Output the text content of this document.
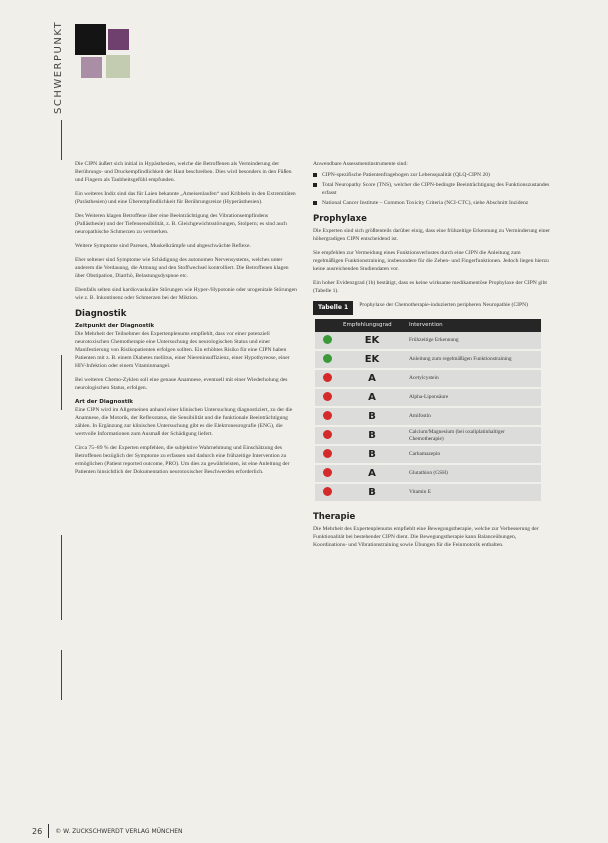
SCHWERPUNKT

Die CIPN äußert sich initial in Hypästhesien, welche die Betroffenen als Verminderung der Berührungs- und Druckempfindlichkeit der Haut beschreiben. Dies wird besonders in den Füßen und Fingern als Taubheitsgefühl empfunden.

Ein weiteres Indiz sind das für Laien bekannte „Ameisenlaufen“ und Kribbeln in den Extremitäten (Parästhesien) und eine Überempfindlichkeit für Berührungsreize (Hyperästhesien).

Des Weiteren klagen Betroffene über eine Beeinträchtigung des Vibrationsempfindens (Pallästhesie) und der Tiefensensibilität, z. B. Gleichgewichtsstörungen, Stolpern; es sind auch neuropathische Schmerzen zu vermerken.

Weitere Symptome sind Paresen, Muskelkrämpfe und abgeschwächte Reflexe.

Eher seltener sind Symptome wie Schädigung des autonomen Nervensystems, welches unter anderem die Verdauung, die Atmung und den Stoffwechsel kontrolliert. Die Betroffenen klagen über Obstipation, Diarrhö, Belastungsdyspnoe etc.

Ebenfalls selten sind kardiovaskuläre Störungen wie Hyper-/Hypotonie oder urogenitale Störungen wie z. B. Inkontinenz oder Schmerzen bei der Miktion.

Diagnostik
Zeitpunkt der Diagnostik

Die Mehrheit der Teilnehmer des Expertenplenums empfiehlt, dass vor einer potenziell neurotoxischen Chemotherapie eine Untersuchung des neurologischen Status und einer Manifestierung von Risikopatienten erfolgen sollten. Ein erhöhtes Risiko für eine CIPN haben Patienten mit z. B. einem Diabetes mellitus, einer Niereninsuffizienz, einer Hypothyreose, einer HIV-Infektion oder einem Vitaminmangel.

Bei weiteren Chemo-Zyklen soll eine genaue Anamnese, eventuell mit einer Wiederholung des neurologischen Status, erfolgen.

Art der Diagnostik

Eine CIPN wird im Allgemeinen anhand einer klinischen Untersuchung diagnostiziert, zu der die Anamnese, die Motorik, der Reflexstatus, die Sensibilität und die funktionale Beeinträchtigung zählen. In Ergänzung zur klinischen Untersuchung gibt es die Elektroneurografie (ENG), die wertvolle Informationen zum Ausmaß der Schädigung liefert.

Circa 75–89 % der Experten empfehlen, die subjektive Wahrnehmung und Einschätzung des Betroffenen bezüglich der Symptome zu erfassen und dadurch eine frühzeitige Intervention zu ermöglichen (Patient reported outcome, PRO). Um dies zu gewährleisten, ist eine Anleitung der Patienten hinsichtlich der Dokumentation neurotoxischer Beschwerden erforderlich.

Anwendbare Assessmentinstrumente sind:

CIPN-spezifische Patientenfragebogen zur Lebensqualität (QLQ-CIPN 20)
Total Neuropathy Score (TNS), welcher die CIPN-bedingte Beeinträchtigung des Funktionszustandes erfasst
National Cancer Institute – Common Toxicity Criteria (NCI-CTC), siehe Abschnitt Inzidenz
Prophylaxe

Die Experten sind sich größtenteils darüber einig, dass eine frühzeitige Erkennung zu Verminderung einer höhergradigen CIPN entscheidend ist.

Sie empfehlen zur Vermeidung eines Funktionsverlustes durch eine CIPN die Anleitung zum regelmäßigen Funktionstraining, insbesondere für die Zehen- und Fingerfunktionen. Jedoch liegen hierzu keine ausreichenden Studiendaten vor.

Ein hoher Evidenzgrad (1b) bestätigt, dass es keine wirksame medikamentöse Prophylaxe der CIPN gibt (Tabelle 1).

Tabelle 1	Prophylaxe der Chemotherapie-induzierten peripheren Neuropathie (CIPN)
	Empfehlungsgrad	Intervention
	EK	Frühzeitige Erkennung
	EK	Anleitung zum regelmäßigen Funktionstraining
	A	Acetylcystein
	A	Alpha-Liponsäure
	B	Amifostin
	B	Calcium/Magnesium (bei oxaliplatinhaltiger Chemotherapie)
	B	Carbamazepin
	A	Glutathion (GSH)
	B	Vitamin E
Therapie

Die Mehrheit des Expertenplenums empfiehlt eine Bewegungstherapie, welche zur Verbesserung der Funktionalität bei bestehender CIPN dient. Die Bewegungstherapie kann Balanceübungen, Koordinations- und Vibrationstraining sowie Übungen für die Feinmotorik enthalten.

26 © W. ZUCKSCHWERDT VERLAG MÜNCHEN
